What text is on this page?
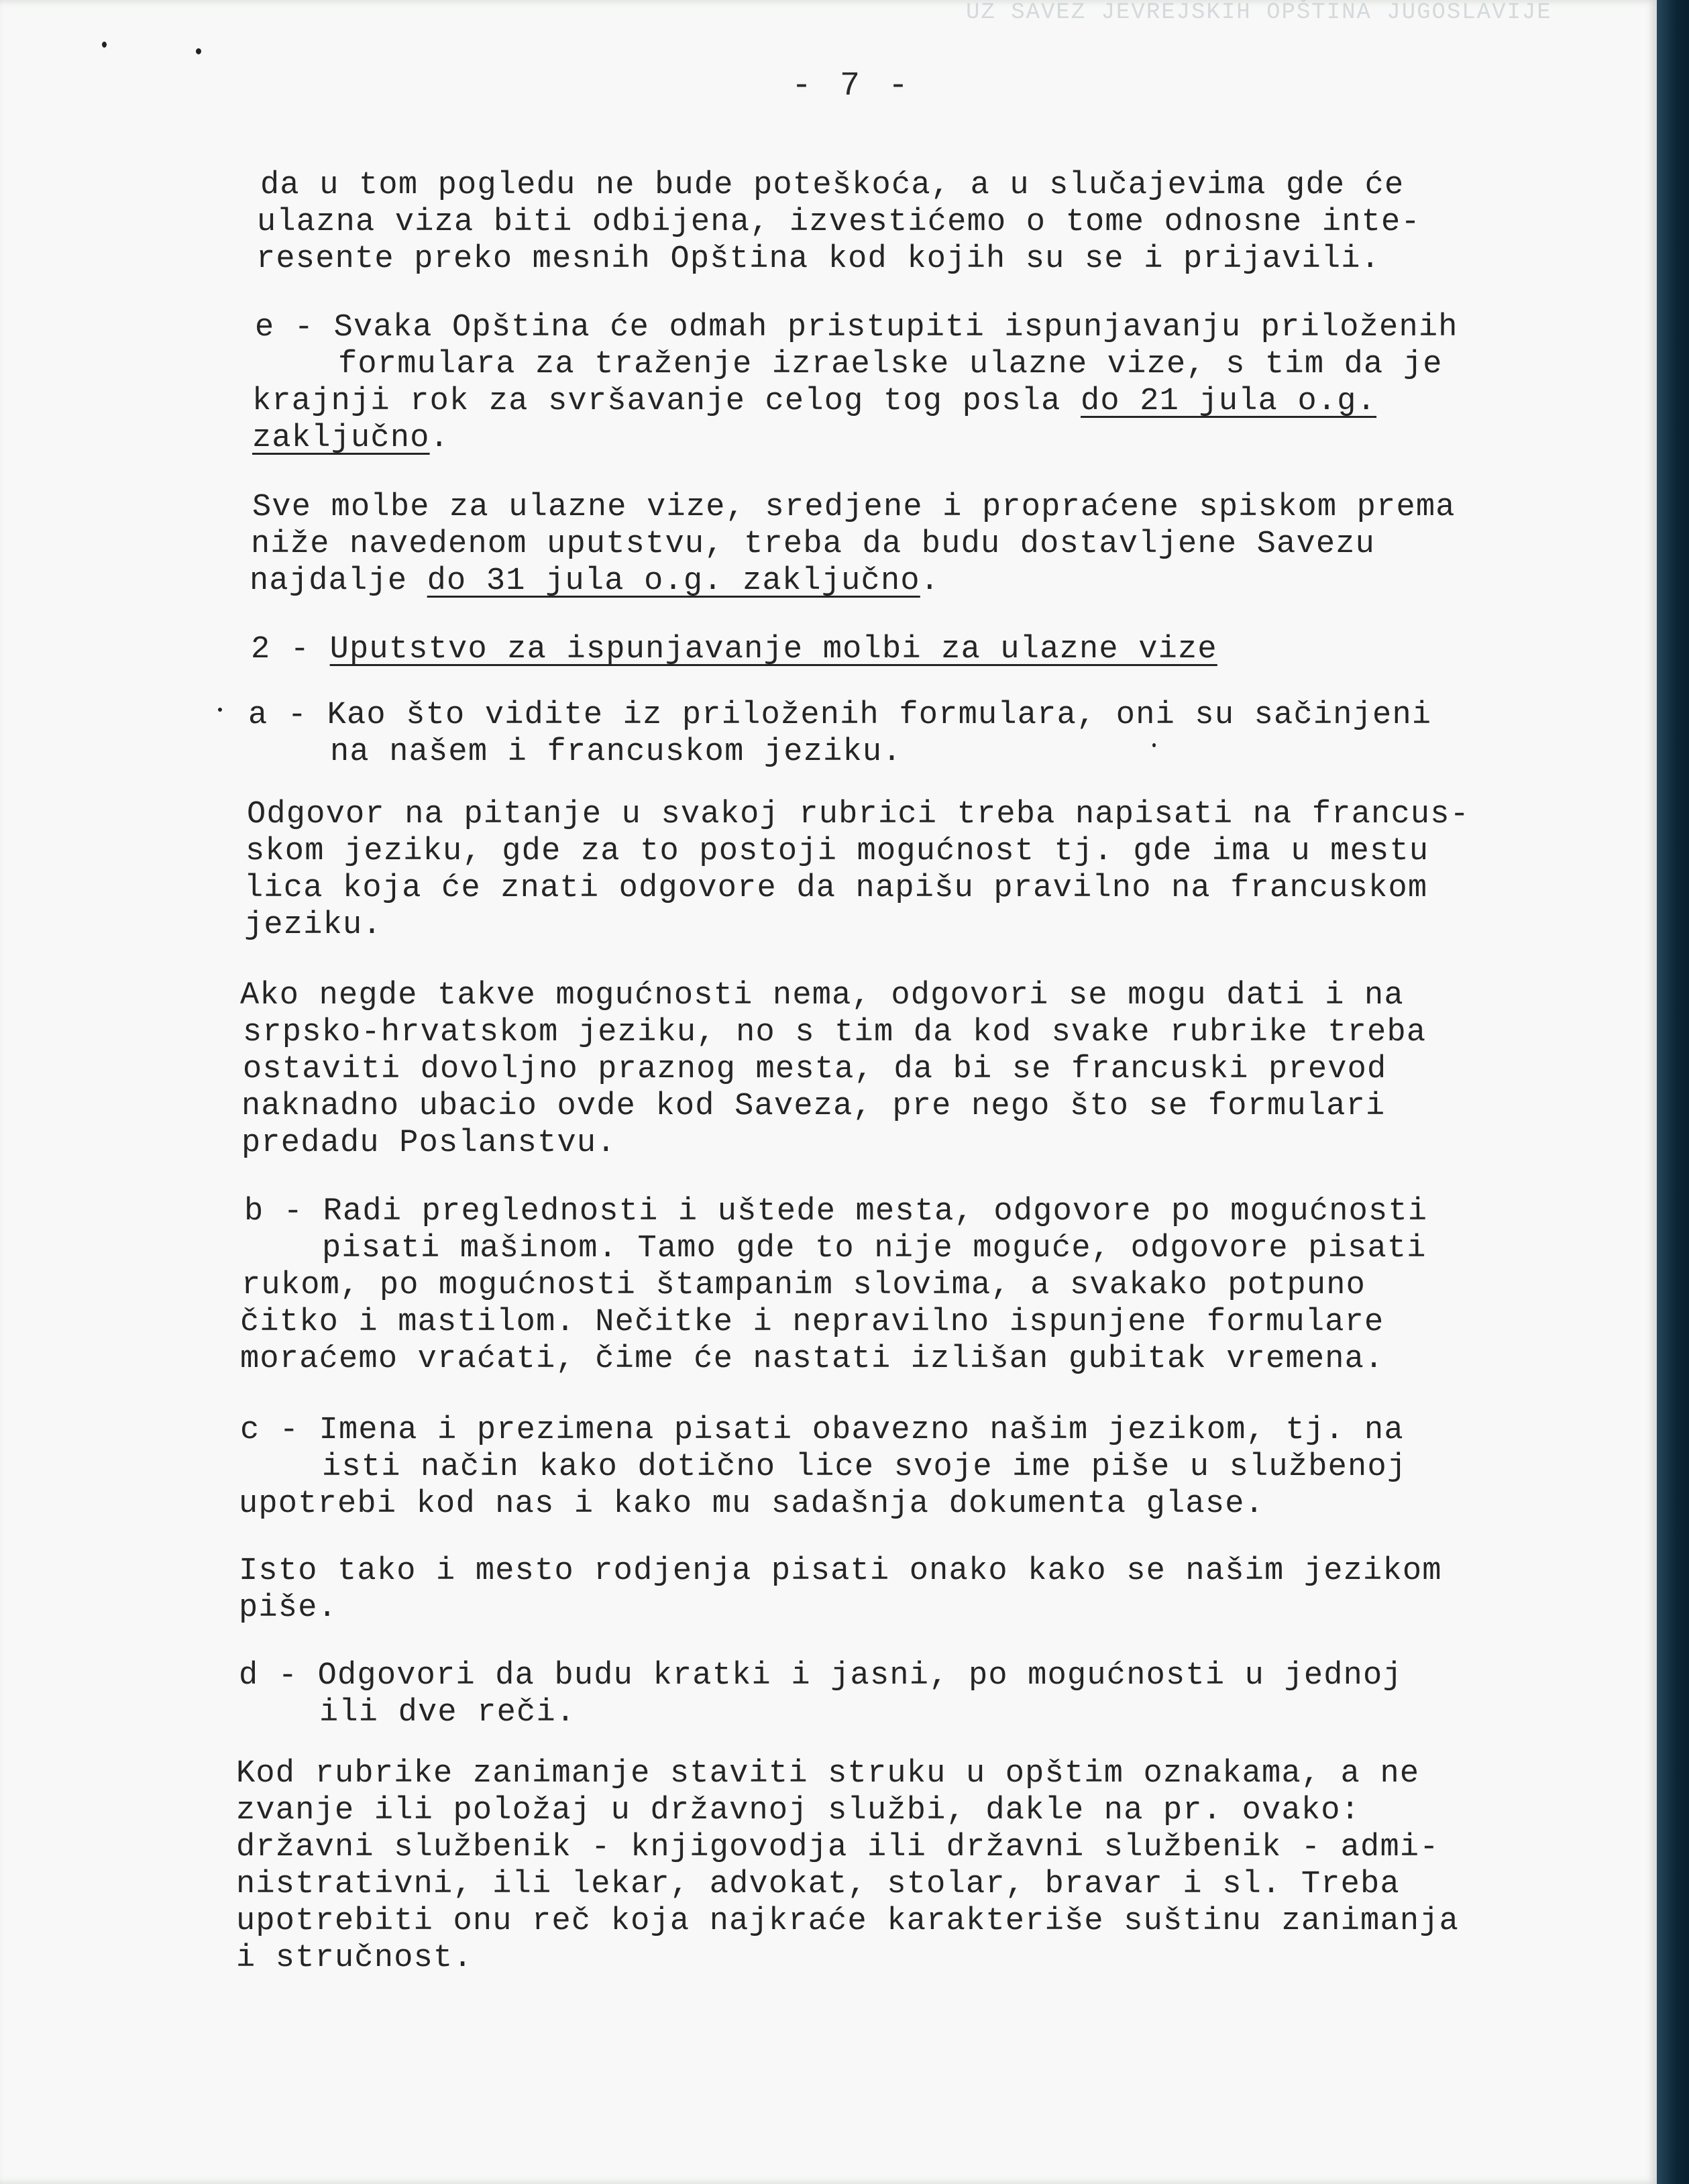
UZ SAVEZ JEVREJSKIH OPŠTINA JUGOSLAVIJE
- 7 -
da u tom pogledu ne bude poteškoća, a u slučajevima gde će
ulazna viza biti odbijena, izvestićemo o tome odnosne inte-
resente preko mesnih Opština kod kojih su se i prijavili.
e - Svaka Opština će odmah pristupiti ispunjavanju priloženih
formulara za traženje izraelske ulazne vize, s tim da je
krajnji rok za svršavanje celog tog posla do 21 jula o.g.
zaključno.
Sve molbe za ulazne vize, sredjene i propraćene spiskom prema
niže navedenom uputstvu, treba da budu dostavljene Savezu
najdalje do 31 jula o.g. zaključno.
2 - Uputstvo za ispunjavanje molbi za ulazne vize
a - Kao što vidite iz priloženih formulara, oni su sačinjeni
na našem i francuskom jeziku.
Odgovor na pitanje u svakoj rubrici treba napisati na francus-
skom jeziku, gde za to postoji mogućnost tj. gde ima u mestu
lica koja će znati odgovore da napišu pravilno na francuskom
jeziku.
Ako negde takve mogućnosti nema, odgovori se mogu dati i na
srpsko-hrvatskom jeziku, no s tim da kod svake rubrike treba
ostaviti dovoljno praznog mesta, da bi se francuski prevod
naknadno ubacio ovde kod Saveza, pre nego što se formulari
predadu Poslanstvu.
b - Radi preglednosti i uštede mesta, odgovore po mogućnosti
pisati mašinom. Tamo gde to nije moguće, odgovore pisati
rukom, po mogućnosti štampanim slovima, a svakako potpuno
čitko i mastilom. Nečitke i nepravilno ispunjene formulare
moraćemo vraćati, čime će nastati izlišan gubitak vremena.
c - Imena i prezimena pisati obavezno našim jezikom, tj. na
isti način kako dotično lice svoje ime piše u službenoj
upotrebi kod nas i kako mu sadašnja dokumenta glase.
Isto tako i mesto rodjenja pisati onako kako se našim jezikom
piše.
d - Odgovori da budu kratki i jasni, po mogućnosti u jednoj
ili dve reči.
Kod rubrike zanimanje staviti struku u opštim oznakama, a ne
zvanje ili položaj u državnoj službi, dakle na pr. ovako:
državni službenik - knjigovodja ili državni službenik - admi-
nistrativni, ili lekar, advokat, stolar, bravar i sl. Treba
upotrebiti onu reč koja najkraće karakteriše suštinu zanimanja
i stručnost.
